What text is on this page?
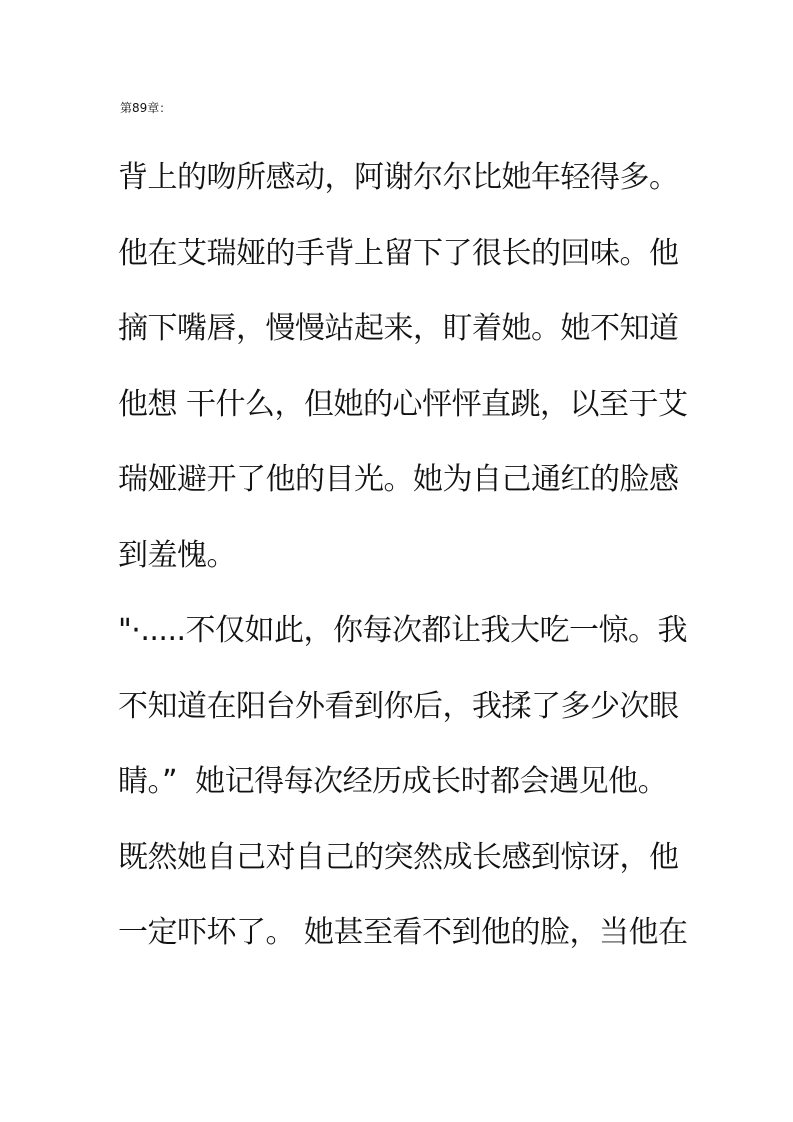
第89章：
背上的吻所感动，阿谢尔尔比她年轻得多。
他在艾瑞娅的手背上留下了很长的回味。他
摘下嘴唇，慢慢站起来，盯着她。她不知道
他想 干什么，但她的心怦怦直跳，以至于艾
瑞娅避开了他的目光。她为自己通红的脸感
到羞愧。
"·.....不仅如此，你每次都让我大吃一惊。我
不知道在阳台外看到你后，我揉了多少次眼
睛。”  她记得每次经历成长时都会遇见他。
既然她自己对自己的突然成长感到惊讶，他
一定吓坏了。 她甚至看不到他的脸，当他在
